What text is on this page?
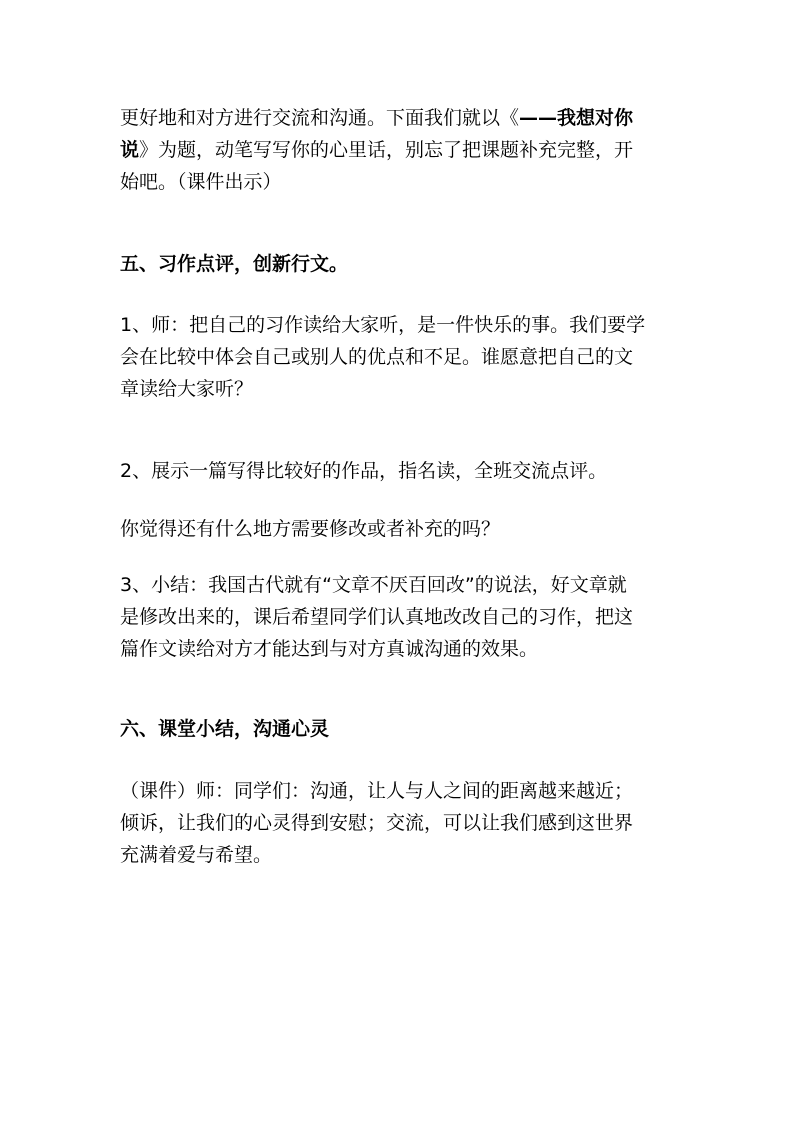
更好地和对方进行交流和沟通。下面我们就以《——我想对你
说》为题，动笔写写你的心里话，别忘了把课题补充完整，开
始吧。（课件出示）
五、习作点评，创新行文。
1、师：把自己的习作读给大家听，是一件快乐的事。我们要学
会在比较中体会自己或别人的优点和不足。谁愿意把自己的文
章读给大家听？
2、展示一篇写得比较好的作品，指名读，全班交流点评。
你觉得还有什么地方需要修改或者补充的吗？
3、小结：我国古代就有“文章不厌百回改”的说法，好文章就
是修改出来的，课后希望同学们认真地改改自己的习作，把这
篇作文读给对方才能达到与对方真诚沟通的效果。
六、课堂小结，沟通心灵
（课件）师：同学们：沟通，让人与人之间的距离越来越近；
倾诉，让我们的心灵得到安慰；交流，可以让我们感到这世界
充满着爱与希望。
